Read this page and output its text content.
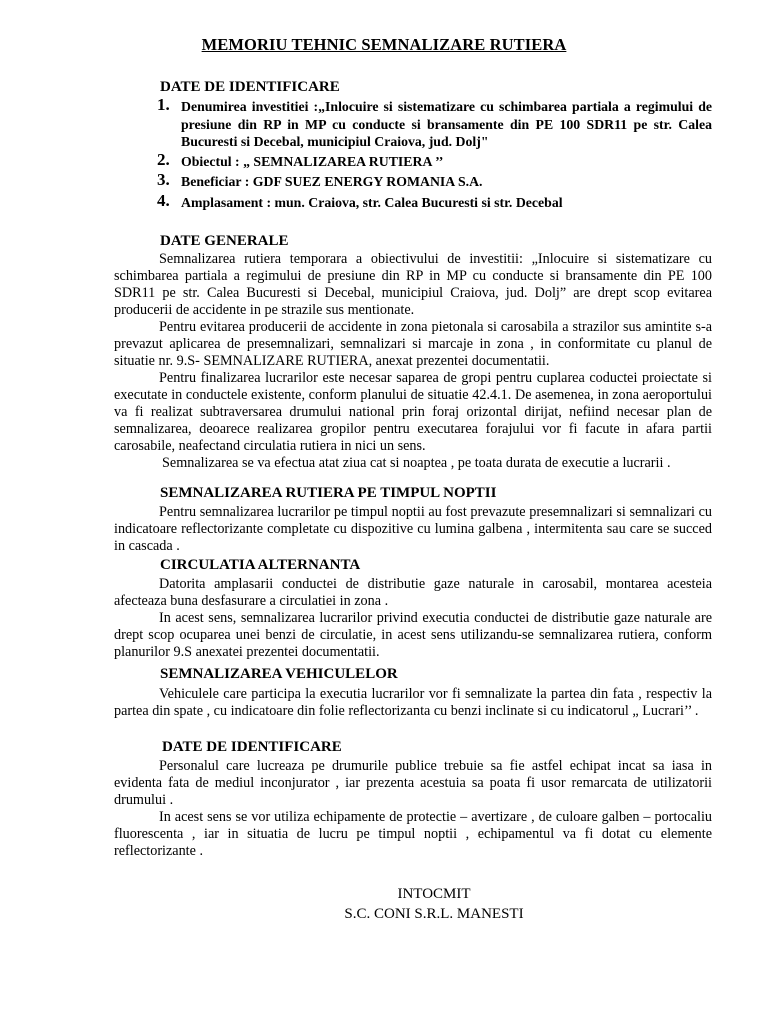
MEMORIU TEHNIC SEMNALIZARE RUTIERA
DATE DE IDENTIFICARE
1. Denumirea investitiei :„Inlocuire si sistematizare cu schimbarea partiala a regimului de presiune din RP in MP cu conducte si bransamente din PE 100 SDR11 pe str. Calea Bucuresti si Decebal, municipiul Craiova, jud. Dolj"
2. Obiectul : „ SEMNALIZAREA RUTIERA ’’
3. Beneficiar : GDF SUEZ ENERGY ROMANIA S.A.
4. Amplasament : mun. Craiova, str. Calea Bucuresti si str. Decebal
DATE GENERALE

Semnalizarea rutiera temporara a obiectivului de investitii: „Inlocuire si sistematizare cu schimbarea partiala a regimului de presiune din RP in MP cu conducte si bransamente din PE 100 SDR11 pe str. Calea Bucuresti si Decebal, municipiul Craiova, jud. Dolj” are drept scop evitarea producerii de accidente in pe strazile sus mentionate.

Pentru evitarea producerii de accidente in zona pietonala si carosabila a strazilor sus amintite s-a prevazut aplicarea de presemnalizari, semnalizari si marcaje in zona , in conformitate cu planul de situatie nr. 9.S- SEMNALIZARE RUTIERA, anexat prezentei documentatii.

Pentru finalizarea lucrarilor este necesar saparea de gropi pentru cuplarea coductei proiectate si executate in conductele existente, conform planului de situatie 42.4.1. De asemenea, in zona aeroportului va fi realizat subtraversarea drumului national prin foraj orizontal dirijat, nefiind necesar plan de semnalizarea, deoarece realizarea gropilor pentru executarea forajului vor fi facute in afara partii carosabile, neafectand circulatia rutiera in nici un sens.

Semnalizarea se va efectua atat ziua cat si noaptea , pe toata durata de executie a lucrarii .

SEMNALIZAREA RUTIERA PE TIMPUL NOPTII

Pentru semnalizarea lucrarilor pe timpul noptii au fost prevazute presemnalizari si semnalizari cu indicatoare reflectorizante completate cu dispozitive cu lumina galbena , intermitenta sau care se succed in cascada .

CIRCULATIA ALTERNANTA

Datorita amplasarii conductei de distributie gaze naturale in carosabil, montarea acesteia afecteaza buna desfasurare a circulatiei in zona .

In acest sens, semnalizarea lucrarilor privind executia conductei de distributie gaze naturale are drept scop ocuparea unei benzi de circulatie, in acest sens utilizandu-se semnalizarea rutiera, conform planurilor 9.S anexatei prezentei documentatii.

SEMNALIZAREA VEHICULELOR

Vehiculele care participa la executia lucrarilor vor fi semnalizate la partea din fata , respectiv la partea din spate , cu indicatoare din folie reflectorizanta cu benzi inclinate si cu indicatorul „ Lucrari’’ .

DATE DE IDENTIFICARE

Personalul care lucreaza pe drumurile publice trebuie sa fie astfel echipat incat sa iasa in evidenta fata de mediul inconjurator , iar prezenta acestuia sa poata fi usor remarcata de utilizatorii drumului .

In acest sens se vor utiliza echipamente de protectie – avertizare , de culoare galben – portocaliu fluorescenta , iar in situatia de lucru pe timpul noptii , echipamentul va fi dotat cu elemente reflectorizante .

INTOCMIT
S.C. CONI S.R.L. MANESTI
